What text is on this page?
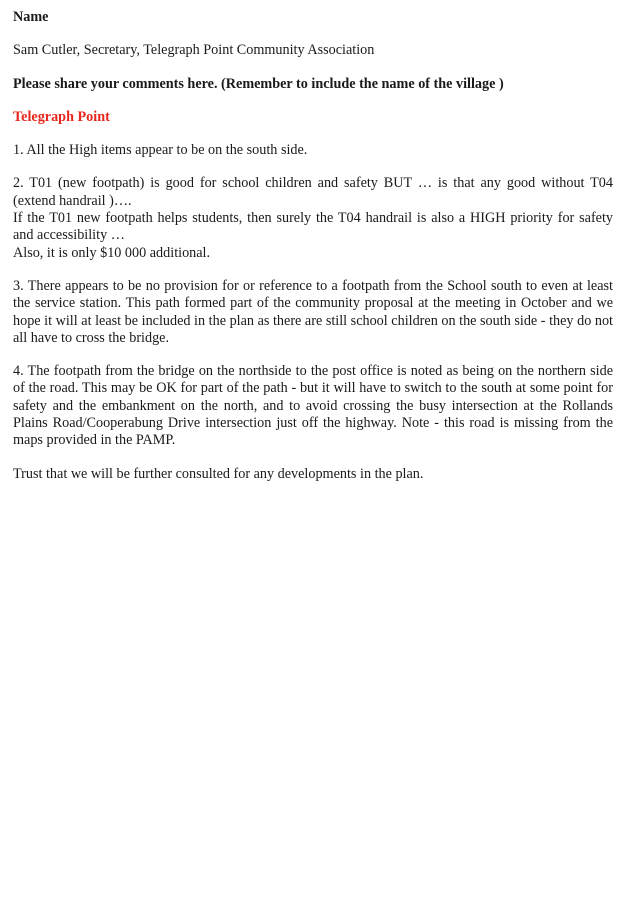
Name

Sam Cutler, Secretary, Telegraph Point Community Association

Please share your comments here. (Remember to include the name of the village )

Telegraph Point

1. All the High items appear to be on the south side.

2. T01 (new footpath) is good for school children and safety BUT … is that any good without T04 (extend handrail )….
If the T01 new footpath helps students, then surely the T04 handrail is also a HIGH priority for safety and accessibility …
Also, it is only $10 000 additional.

3. There appears to be no provision for or reference to a footpath from the School south to even at least the service station. This path formed part of the community proposal at the meeting in October and we hope it will at least be included in the plan as there are still school children on the south side - they do not all have to cross the bridge.

4. The footpath from the bridge on the northside to the post office is noted as being on the northern side of the road. This may be OK for part of the path - but it will have to switch to the south at some point for safety and the embankment on the north, and to avoid crossing the busy intersection at the Rollands Plains Road/Cooperabung Drive intersection just off the highway. Note - this road is missing from the maps provided in the PAMP.

Trust that we will be further consulted for any developments in the plan.
